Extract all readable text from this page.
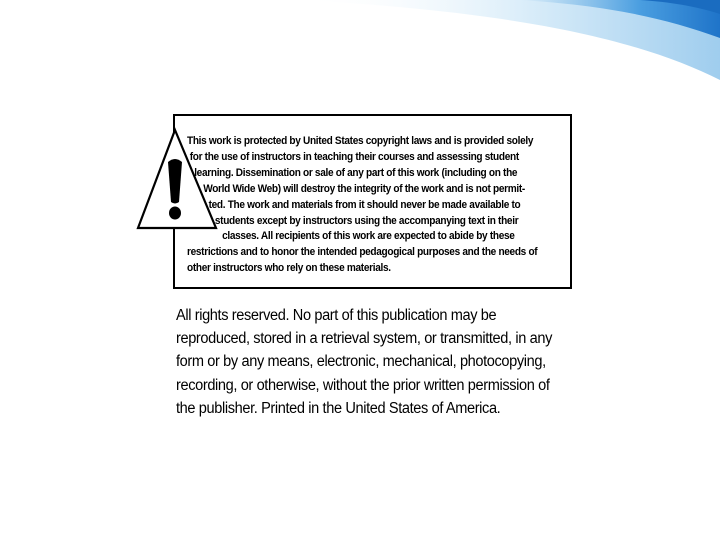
This work is protected by United States copyright laws and is provided solely
for the use of instructors in teaching their courses and assessing student
learning. Dissemination or sale of any part of this work (including on the
World Wide Web) will destroy the integrity of the work and is not permit-
ted. The work and materials from it should never be made available to
students except by instructors using the accompanying text in their
classes. All recipients of this work are expected to abide by these
restrictions and to honor the intended pedagogical purposes and the needs of
other instructors who rely on these materials.
All rights reserved. No part of this publication may be
reproduced, stored in a retrieval system, or transmitted, in any
form or by any means, electronic, mechanical, photocopying,
recording, or otherwise, without the prior written permission of
the publisher. Printed in the United States of America.
